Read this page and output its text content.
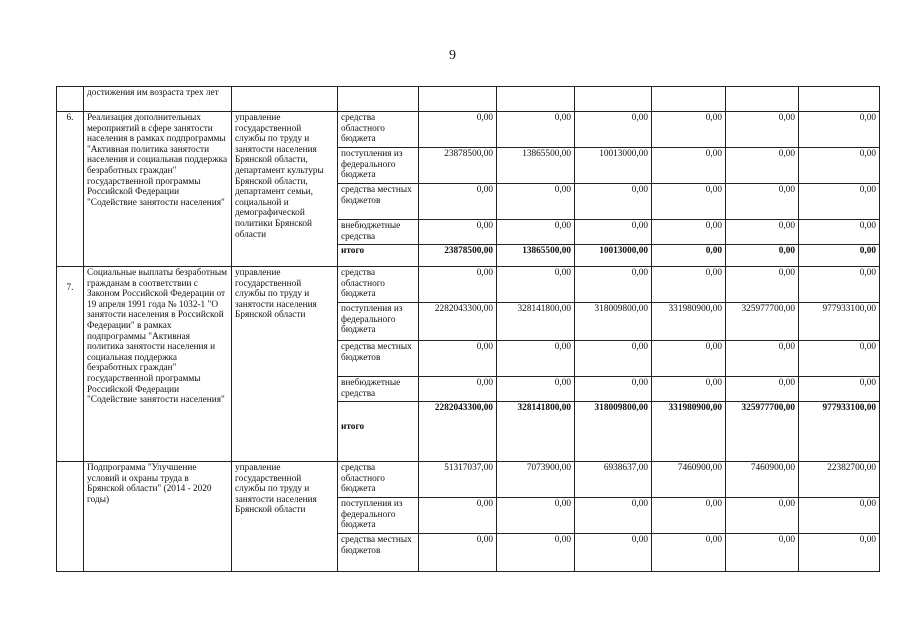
9
	достижения им возраста трех лет								
6.	Реализация дополнительных мероприятий в сфере занятости населения в рамках подпрограммы "Активная политика занятости населения и социальная поддержка безработных граждан" государственной программы Российской Федерации "Содействие занятости населения"	управление государственной службы по труду и занятости населения Брянской области, департамент культуры Брянской области, департамент семьи, социальной и демографической политики Брянской области	средства областного бюджета	0,00	0,00	0,00	0,00	0,00	0,00
			поступления из федерального бюджета	23878500,00	13865500,00	10013000,00	0,00	0,00	0,00
			средства местных бюджетов	0,00	0,00	0,00	0,00	0,00	0,00
			внебюджетные средства	0,00	0,00	0,00	0,00	0,00	0,00
			итого	23878500,00	13865500,00	10013000,00	0,00	0,00	0,00
7.	Социальные выплаты безработным гражданам в соответствии с Законом Российской Федерации от 19 апреля 1991 года № 1032-1 "О занятости населения в Российской Федерации" в рамках подпрограммы "Активная политика занятости населения и социальная поддержка безработных граждан" государственной программы Российской Федерации "Содействие занятости населения"	управление государственной службы по труду и занятости населения Брянской области	средства областного бюджета	0,00	0,00	0,00	0,00	0,00	0,00
			поступления из федерального бюджета	2282043300,00	328141800,00	318009800,00	331980900,00	325977700,00	977933100,00
			средства местных бюджетов	0,00	0,00	0,00	0,00	0,00	0,00
			внебюджетные средства	0,00	0,00	0,00	0,00	0,00	0,00
			итого	2282043300,00	328141800,00	318009800,00	331980900,00	325977700,00	977933100,00
	Подпрограмма "Улучшение условий и охраны труда в Брянской области" (2014 - 2020 годы)	управление государственной службы по труду и занятости населения Брянской области	средства областного бюджета	51317037,00	7073900,00	6938637,00	7460900,00	7460900,00	22382700,00
			поступления из федерального бюджета	0,00	0,00	0,00	0,00	0,00	0,00
			средства местных бюджетов	0,00	0,00	0,00	0,00	0,00	0,00
